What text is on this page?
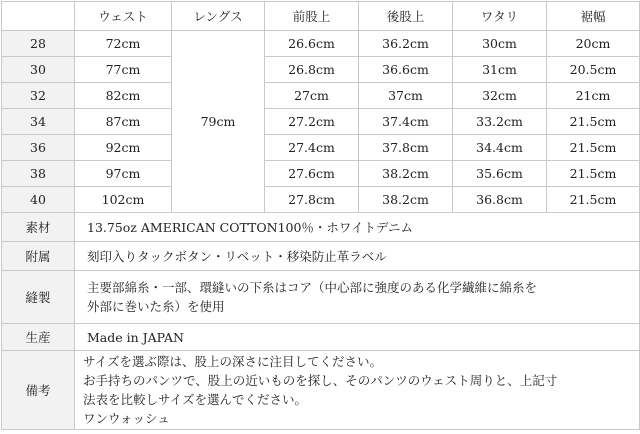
	ウェスト	レングス	前股上	後股上	ワタリ	裾幅
28	72cm	79cm	26.6cm	36.2cm	30cm	20cm
30	77cm		26.8cm	36.6cm	31cm	20.5cm
32	82cm		27cm	37cm	32cm	21cm
34	87cm		27.2cm	37.4cm	33.2cm	21.5cm
36	92cm		27.4cm	37.8cm	34.4cm	21.5cm
38	97cm		27.6cm	38.2cm	35.6cm	21.5cm
40	102cm		27.8cm	38.2cm	36.8cm	21.5cm
素材	13.75oz AMERICAN COTTON100％・ホワイトデニム					
附属	刻印入りタックボタン・リベット・移染防止革ラベル					
縫製	主要部綿糸・一部、環縫いの下糸はコア（中心部に強度のある化学繊維に綿糸を
外部に巻いた糸）を使用					

生産	Made in JAPAN					
備考	サイズを選ぶ際は、股上の深さに注目してください。
お手持ちのパンツで、股上の近いものを探し、そのパンツのウェスト周りと、上記寸
法表を比較しサイズを選んでください。
ワンウォッシュ					
